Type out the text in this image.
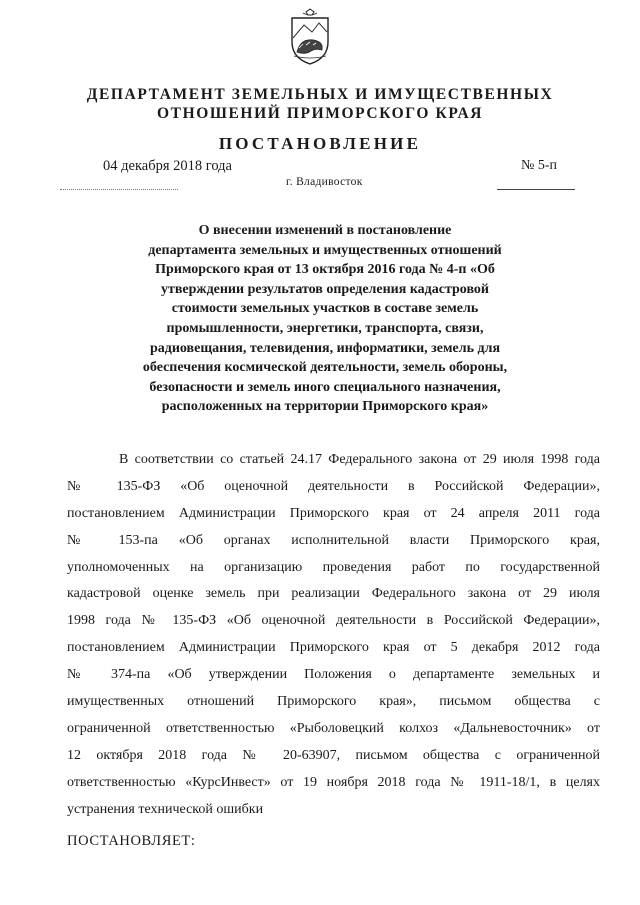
ДЕПАРТАМЕНТ ЗЕМЕЛЬНЫХ И ИМУЩЕСТВЕННЫХ
ОТНОШЕНИЙ ПРИМОРСКОГО КРАЯ
ПОСТАНОВЛЕНИЕ
04 декабря 2018 года	№ 5-п
г. Владивосток
О внесении изменений в постановление
департамента земельных и имущественных отношений
Приморского края от 13 октября 2016 года № 4-п «Об
утверждении результатов определения кадастровой
стоимости земельных участков в составе земель
промышленности, энергетики, транспорта, связи,
радиовещания, телевидения, информатики, земель для
обеспечения космической деятельности, земель обороны,
безопасности и земель иного специального назначения,
расположенных на территории Приморского края»
В соответствии со статьей 24.17 Федерального закона от 29 июля 1998 года
№ 135-ФЗ «Об оценочной деятельности в Российской Федерации»,
постановлением Администрации Приморского края от 24 апреля 2011 года
№ 153-па «Об органах исполнительной власти Приморского края,
уполномоченных на организацию проведения работ по государственной
кадастровой оценке земель при реализации Федерального закона от 29 июля
1998 года № 135-ФЗ «Об оценочной деятельности в Российской Федерации»,
постановлением Администрации Приморского края от 5 декабря 2012 года
№ 374-па «Об утверждении Положения о департаменте земельных и
имущественных отношений Приморского края», письмом общества с
ограниченной ответственностью «Рыболовецкий колхоз «Дальневосточник» от
12 октября 2018 года № 20-63907, письмом общества с ограниченной
ответственностью «КурсИнвест» от 19 ноября 2018 года № 1911-18/1, в целях
устранения технической ошибки
ПОСТАНОВЛЯЕТ:
